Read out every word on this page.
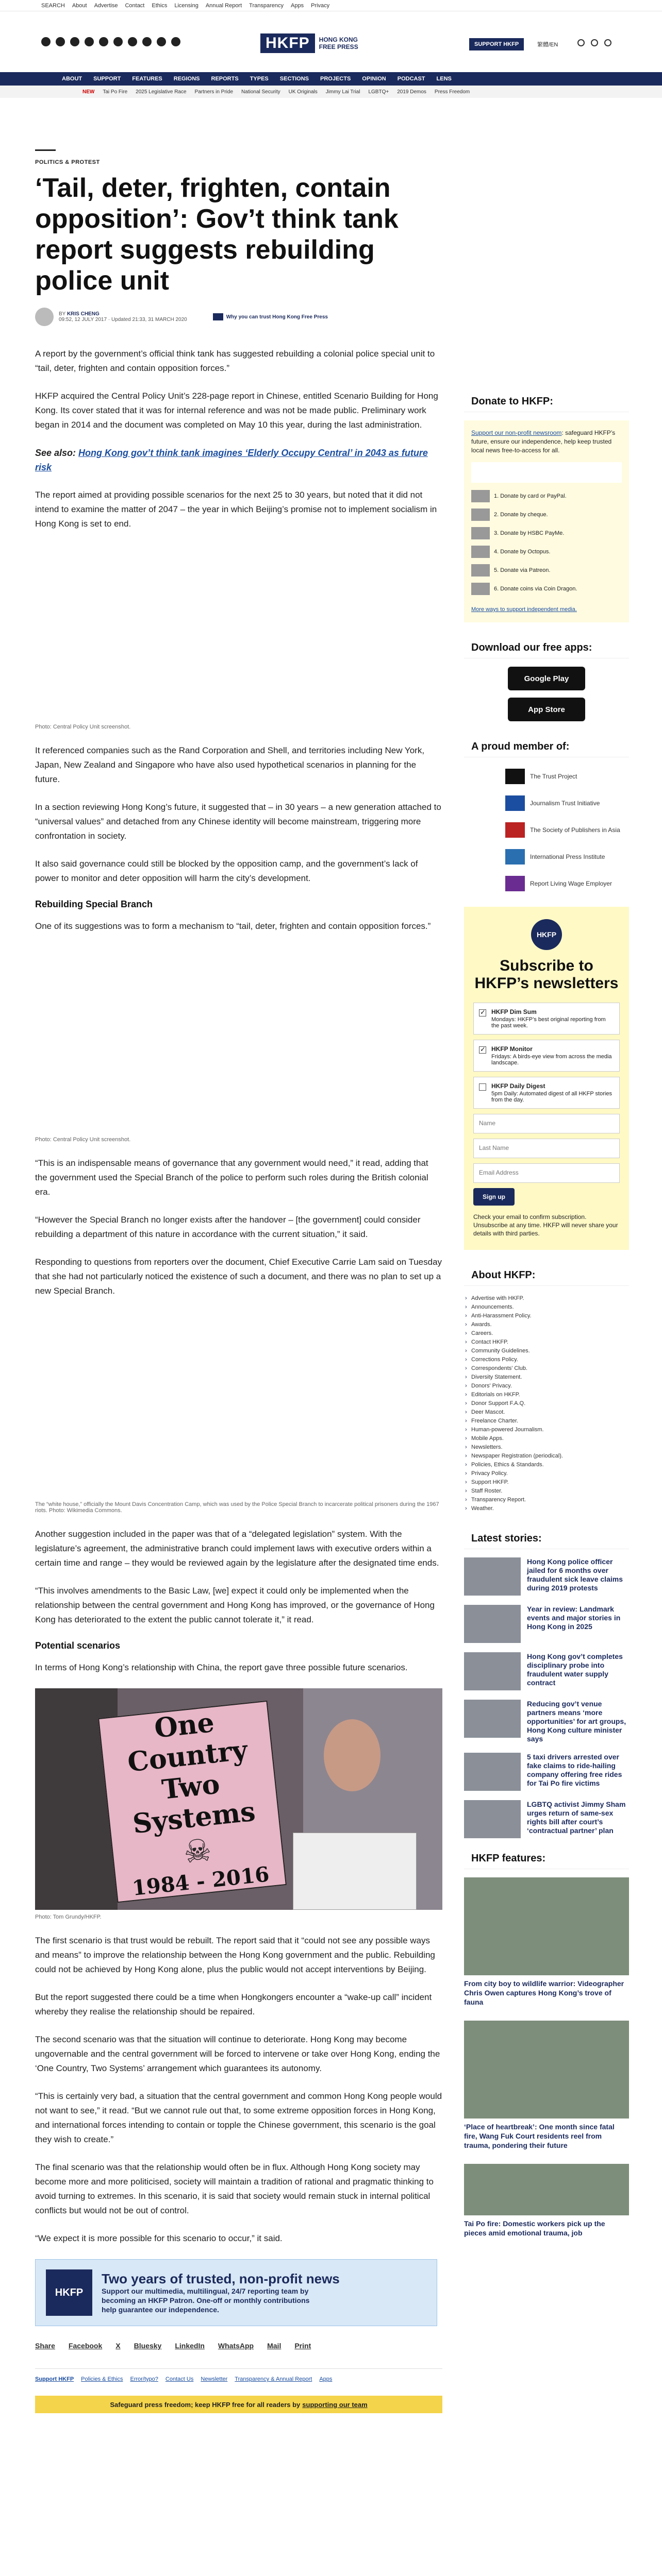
SEARCH About Advertise Contact Ethics Licensing Annual Report Transparency Apps Privacy
HKFP	HONG KONG
FREE PRESS	SUPPORT HKFP	繁體/EN
ABOUT SUPPORT FEATURES REGIONS REPORTS TYPES SECTIONS PROJECTS OPINION PODCAST LENS
NEW Tai Po Fire 2025 Legislative Race Partners in Pride National Security UK Originals Jimmy Lai Trial LGBTQ+ 2019 Demos Press Freedom
POLITICS & PROTEST
‘Tail, deter, frighten, contain opposition’: Gov’t think tank report suggests rebuilding police unit
BY KRIS CHENG
09:52, 12 JULY 2017 · Updated 21:33, 31 MARCH 2020	Why you can trust Hong Kong Free Press

A report by the government’s official think tank has suggested rebuilding a colonial police special unit to “tail, deter, frighten and contain opposition forces.”

HKFP acquired the Central Policy Unit’s 228-page report in Chinese, entitled Scenario Building for Hong Kong. Its cover stated that it was for internal reference and was not be made public. Preliminary work began in 2014 and the document was completed on May 10 this year, during the last administration.

See also: Hong Kong gov’t think tank imagines ‘Elderly Occupy Central’ in 2043 as future risk

The report aimed at providing possible scenarios for the next 25 to 30 years, but noted that it did not intend to examine the matter of 2047 – the year in which Beijing’s promise not to implement socialism in Hong Kong is set to end.

Photo: Central Policy Unit screenshot.

It referenced companies such as the Rand Corporation and Shell, and territories including New York, Japan, New Zealand and Singapore who have also used hypothetical scenarios in planning for the future.

In a section reviewing Hong Kong’s future, it suggested that – in 30 years – a new generation attached to “universal values” and detached from any Chinese identity will become mainstream, triggering more confrontation in society.

It also said governance could still be blocked by the opposition camp, and the government’s lack of power to monitor and deter opposition will harm the city’s development.

Rebuilding Special Branch

One of its suggestions was to form a mechanism to “tail, deter, frighten and contain opposition forces.”

Photo: Central Policy Unit screenshot.

“This is an indispensable means of governance that any government would need,” it read, adding that the government used the Special Branch of the police to perform such roles during the British colonial era.

“However the Special Branch no longer exists after the handover – [the government] could consider rebuilding a department of this nature in accordance with the current situation,” it said.

Responding to questions from reporters over the document, Chief Executive Carrie Lam said on Tuesday that she had not particularly noticed the existence of such a document, and there was no plan to set up a new Special Branch.

The “white house,” officially the Mount Davis Concentration Camp, which was used by the Police Special Branch to incarcerate political prisoners during the 1967 riots. Photo: Wikimedia Commons.

Another suggestion included in the paper was that of a “delegated legislation” system. With the legislature’s agreement, the administrative branch could implement laws with executive orders within a certain time and range – they would be reviewed again by the legislature after the designated time ends.

“This involves amendments to the Basic Law, [we] expect it could only be implemented when the relationship between the central government and Hong Kong has improved, or the governance of Hong Kong has deteriorated to the extent the public cannot tolerate it,” it read.

Potential scenarios

In terms of Hong Kong’s relationship with China, the report gave three possible future scenarios.

One Country
Two Systems
☠
1984 - 2016
Photo: Tom Grundy/HKFP.

The first scenario is that trust would be rebuilt. The report said that it “could not see any possible ways and means” to improve the relationship between the Hong Kong government and the public. Rebuilding could not be achieved by Hong Kong alone, plus the public would not accept interventions by Beijing.

But the report suggested there could be a time when Hongkongers encounter a “wake-up call” incident whereby they realise the relationship should be repaired.

The second scenario was that the situation will continue to deteriorate. Hong Kong may become ungovernable and the central government will be forced to intervene or take over Hong Kong, ending the ‘One Country, Two Systems’ arrangement which guarantees its autonomy.

“This is certainly very bad, a situation that the central government and common Hong Kong people would not want to see,” it read. “But we cannot rule out that, to some extreme opposition forces in Hong Kong, and international forces intending to contain or topple the Chinese government, this scenario is the goal they wish to create.”

The final scenario was that the relationship would often be in flux. Although Hong Kong society may become more and more politicised, society will maintain a tradition of rational and pragmatic thinking to avoid turning to extremes. In this scenario, it is said that society would remain stuck in internal political conflicts but would not be out of control.

“We expect it is more possible for this scenario to occur,” it said.

HKFP
Two years of trusted, non-profit news
Support our multimedia, multilingual, 24/7 reporting team by becoming an HKFP Patron. One-off or monthly contributions help guarantee our independence.
Share Facebook X Bluesky LinkedIn WhatsApp Mail Print
Support HKFP Policies & Ethics Error/typo? Contact Us Newsletter Transparency & Annual Report Apps
Safeguard press freedom; keep HKFP free for all readers by supporting our team
Donate to HKFP:
Support our non-profit newsroom: safeguard HKFP’s future, ensure our independence, help keep trusted local news free-to-access for all.
1. Donate by card or PayPal.
2. Donate by cheque.
3. Donate by HSBC PayMe.
4. Donate by Octopus.
5. Donate via Patreon.
6. Donate coins via Coin Dragon.
More ways to support independent media.
Download our free apps:
Google Play
App Store
A proud member of:
The Trust Project
Journalism Trust Initiative
The Society of Publishers in Asia
International Press Institute
Report Living Wage Employer
HKFP
Subscribe to HKFP’s newsletters
✓
HKFP Dim Sum
Mondays: HKFP’s best original reporting from the past week.
✓
HKFP Monitor
Fridays: A birds-eye view from across the media landscape.
HKFP Daily Digest
5pm Daily: Automated digest of all HKFP stories from the day.
Name
Last Name
Email Address
Sign up
Check your email to confirm subscription. Unsubscribe at any time. HKFP will never share your details with third parties.
About HKFP:
› Advertise with HKFP.
› Announcements.
› Anti-Harassment Policy.
› Awards.
› Careers.
› Contact HKFP.
› Community Guidelines.
› Corrections Policy.
› Correspondents' Club.
› Diversity Statement.
› Donors' Privacy.
› Editorials on HKFP.
› Donor Support F.A.Q.
› Deer Mascot.
› Freelance Charter.
› Human-powered Journalism.
› Mobile Apps.
› Newsletters.
› Newspaper Registration (periodical).
› Policies, Ethics & Standards.
› Privacy Policy.
› Support HKFP.
› Staff Roster.
› Transparency Report.
› Weather.
Latest stories:
Hong Kong police officer jailed for 6 months over fraudulent sick leave claims during 2019 protests
Year in review: Landmark events and major stories in Hong Kong in 2025
Hong Kong gov’t completes disciplinary probe into fraudulent water supply contract
Reducing gov’t venue partners means ‘more opportunities’ for art groups, Hong Kong culture minister says
5 taxi drivers arrested over fake claims to ride-hailing company offering free rides for Tai Po fire victims
LGBTQ activist Jimmy Sham urges return of same-sex rights bill after court’s ‘contractual partner’ plan
HKFP features:
From city boy to wildlife warrior: Videographer Chris Owen captures Hong Kong’s trove of fauna
‘Place of heartbreak’: One month since fatal fire, Wang Fuk Court residents reel from trauma, pondering their future
Tai Po fire: Domestic workers pick up the pieces amid emotional trauma, job
